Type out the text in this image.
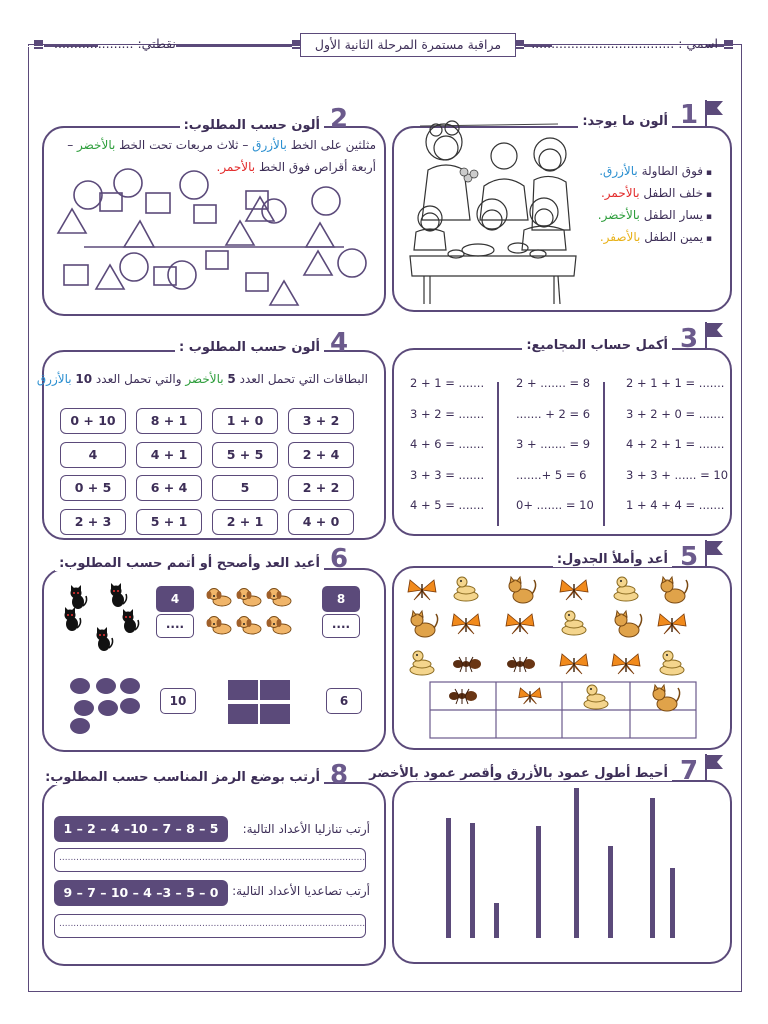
مراقبة مستمرة المرحلة الثانية الأول	اسمي : ....................................
نقطتي: ....................
1
ألون ما يوجد:
▪ فوق الطاولة بالأزرق.
▪ خلف الطفل بالأحمر.
▪ يسار الطفل بالأخضر.
▪ يمين الطفل بالأصفر.
2
ألون حسب المطلوب:
مثلثين على الخط بالأزرق – ثلاث مربعات تحت الخط بالأخضر –
أربعة أقراص فوق الخط بالأحمر.
3
أكمل حساب المجاميع:
2 + 1 + 1 = .......
3 + 2 + 0 = .......
4 + 2 + 1 = .......
3 + 3 + ...... = 10
1 + 4 + 4 = .......
2 + ....... = 8
....... + 2 = 6
3 + ....... = 9
.......+ 5 = 6
0+ ....... = 10
2 + 1 = .......
3 + 2 = .......
4 + 6 = .......
3 + 3 = .......
4 + 5 = .......
4
ألون حسب المطلوب :
البطاقات التي تحمل العدد 5 بالأخضر والتي تحمل العدد 10 بالأزرق
3 + 2
1 + 0
8 + 1
0 + 10
2 + 4
5 + 5
4 + 1
4
2 + 2
5
6 + 4
0 + 5
4 + 0
2 + 1
5 + 1
2 + 3
5
أعد وأملأ الجدول:
6
أعيد العد وأصحح أو أتمم حسب المطلوب:
8
....
4
....
6
10
7
أحيط أطول عمود بالأزرق وأقصر عمود بالأخضر
8
أرتب بوضع الرمز المناسب حسب المطلوب:
أرتب تنازليا الأعداد التالية:
1 – 2 – 4 –10 – 7 – 8 – 5
...........................................................................................................
أرتب تصاعديا الأعداد التالية:
9 – 7 – 10 – 4 –3 – 5 – 0
...........................................................................................................
